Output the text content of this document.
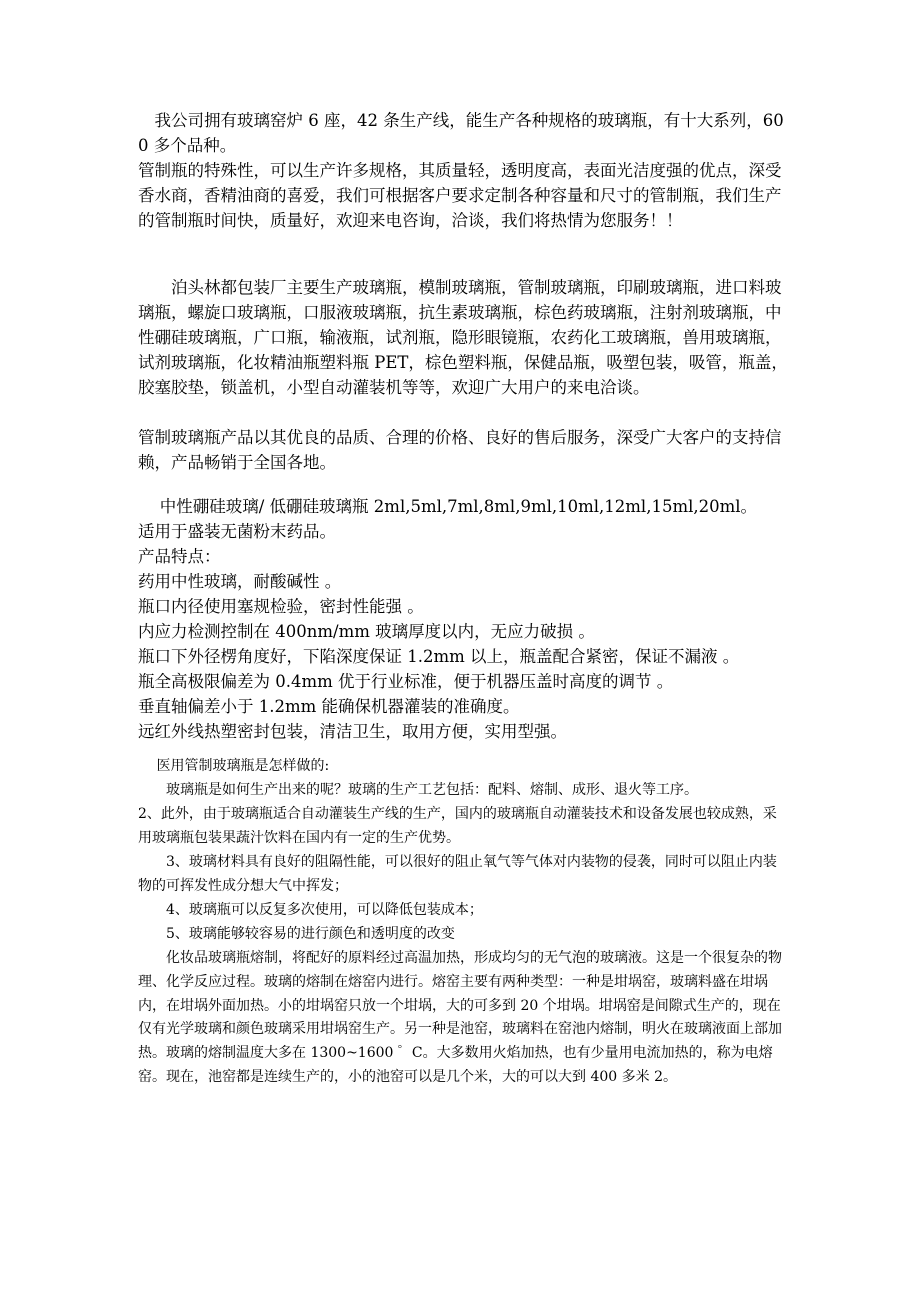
　我公司拥有玻璃窑炉 6 座，42 条生产线，能生产各种规格的玻璃瓶，有十大系列，600 多个品种。

管制瓶的特殊性，可以生产许多规格，其质量轻，透明度高，表面光洁度强的优点，深受香水商，香精油商的喜爱，我们可根据客户要求定制各种容量和尺寸的管制瓶，我们生产的管制瓶时间快，质量好，欢迎来电咨询，洽谈，我们将热情为您服务！！

　　泊头林都包装厂主要生产玻璃瓶，模制玻璃瓶，管制玻璃瓶，印刷玻璃瓶，进口料玻璃瓶，螺旋口玻璃瓶，口服液玻璃瓶，抗生素玻璃瓶，棕色药玻璃瓶，注射剂玻璃瓶，中性硼硅玻璃瓶，广口瓶，输液瓶，试剂瓶，隐形眼镜瓶，农药化工玻璃瓶，兽用玻璃瓶，试剂玻璃瓶，化妆精油瓶塑料瓶 PET，棕色塑料瓶，保健品瓶，吸塑包装，吸管，瓶盖，胶塞胶垫，锁盖机，小型自动灌装机等等，欢迎广大用户的来电洽谈。

管制玻璃瓶产品以其优良的品质、合理的价格、良好的售后服务，深受广大客户的支持信赖，产品畅销于全国各地。

　 中性硼硅玻璃/ 低硼硅玻璃瓶 2ml,5ml,7ml,8ml,9ml,10ml,12ml,15ml,20ml。

适用于盛装无菌粉末药品。

产品特点：

药用中性玻璃，耐酸碱性 。
瓶口内径使用塞规检验，密封性能强 。
内应力检测控制在 400nm/mm 玻璃厚度以内，无应力破损 。
瓶口下外径楞角度好，下陷深度保证 1.2mm 以上，瓶盖配合紧密，保证不漏液 。
瓶全高极限偏差为 0.4mm 优于行业标准，便于机器压盖时高度的调节 。
垂直轴偏差小于 1.2mm 能确保机器灌装的准确度。
远红外线热塑密封包装，清洁卫生，取用方便，实用型强。

　 医用管制玻璃瓶是怎样做的:

　　玻璃瓶是如何生产出来的呢？玻璃的生产工艺包括：配料、熔制、成形、退火等工序。

2、此外，由于玻璃瓶适合自动灌装生产线的生产，国内的玻璃瓶自动灌装技术和设备发展也较成熟，采用玻璃瓶包装果蔬汁饮料在国内有一定的生产优势。

　　3、玻璃材料具有良好的阻隔性能，可以很好的阻止氧气等气体对内装物的侵袭，同时可以阻止内装物的可挥发性成分想大气中挥发；

　　4、玻璃瓶可以反复多次使用，可以降低包装成本；

　　5、玻璃能够较容易的进行颜色和透明度的改变

　　化妆品玻璃瓶熔制，将配好的原料经过高温加热，形成均匀的无气泡的玻璃液。这是一个很复杂的物理、化学反应过程。玻璃的熔制在熔窑内进行。熔窑主要有两种类型：一种是坩埚窑，玻璃料盛在坩埚内，在坩埚外面加热。小的坩埚窑只放一个坩埚，大的可多到 20 个坩埚。坩埚窑是间隙式生产的，现在仅有光学玻璃和颜色玻璃采用坩埚窑生产。另一种是池窑，玻璃料在窑池内熔制，明火在玻璃液面上部加热。玻璃的熔制温度大多在 1300~1600 ゜C。大多数用火焰加热，也有少量用电流加热的，称为电熔窑。现在，池窑都是连续生产的，小的池窑可以是几个米，大的可以大到 400 多米 2。
